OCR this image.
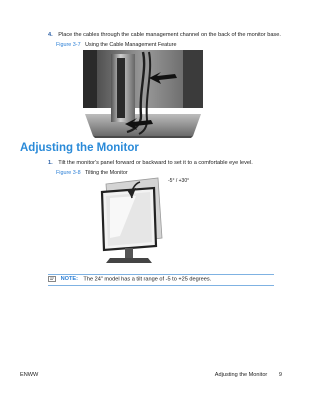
4. Place the cables through the cable management channel on the back of the monitor base.
Figure 3-7 Using the Cable Management Feature
Adjusting the Monitor
1. Tilt the monitor's panel forward or backward to set it to a comfortable eye level.
Figure 3-8 Tilting the Monitor
-5° / +30°
NOTE: The 24" model has a tilt range of -5 to +25 degrees.
ENWW	Adjusting the Monitor 9
